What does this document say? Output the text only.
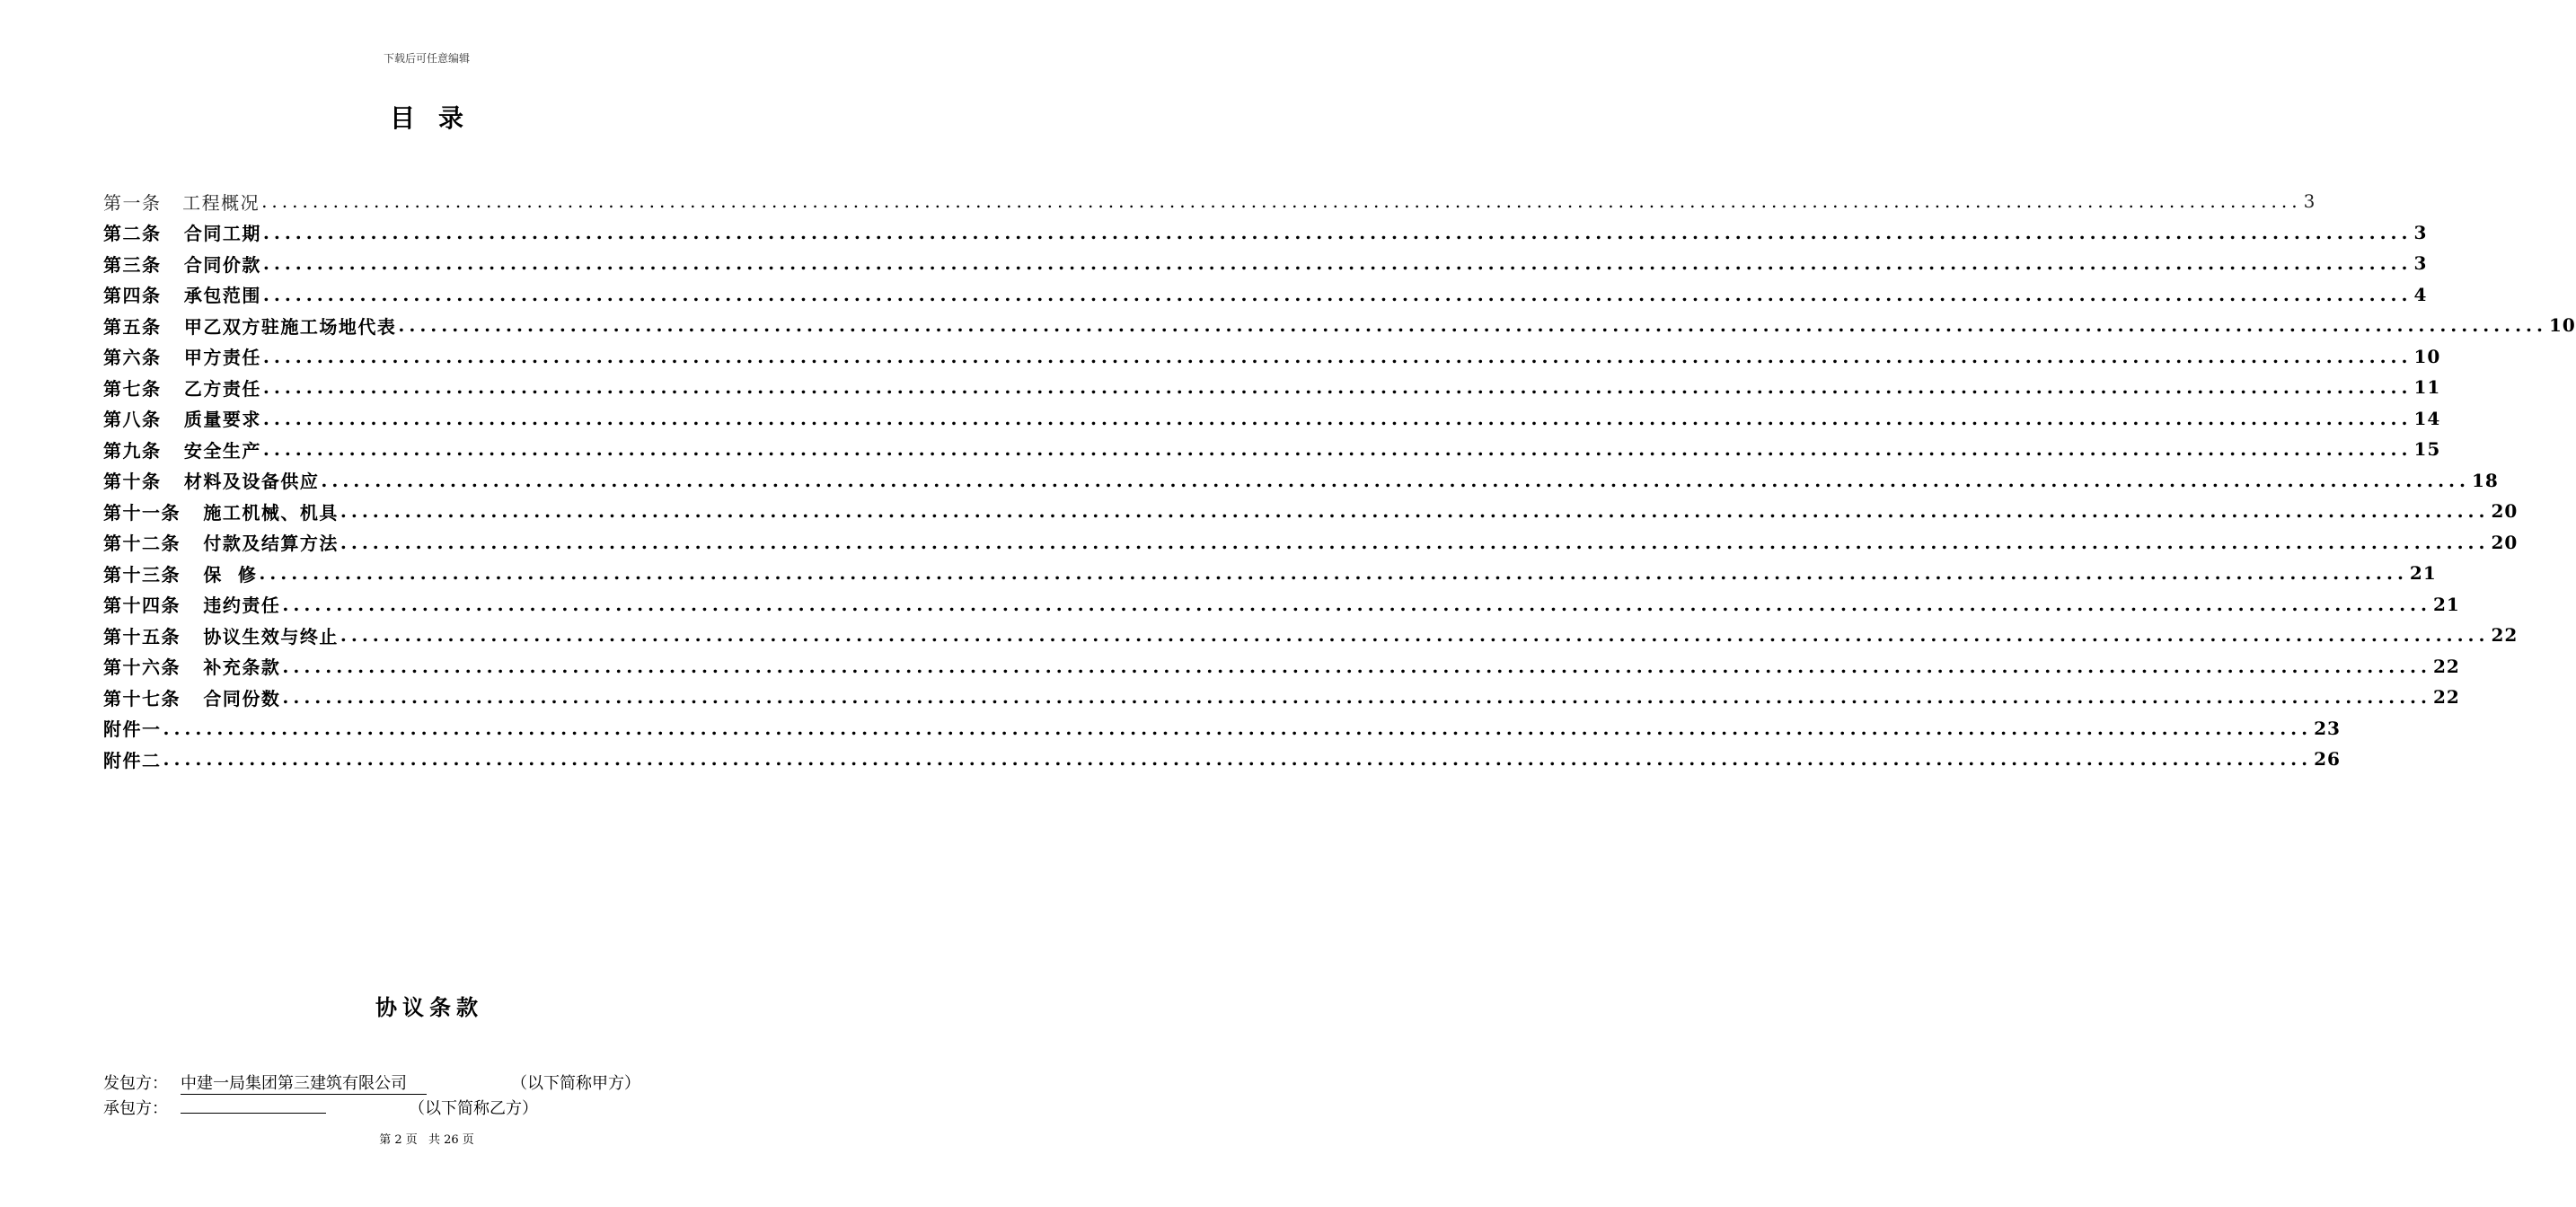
下载后可任意编辑
目录
第一条   工程概况 ........................................................................................................................................................................................................ 3
第二条   合同工期 ........................................................................................................................................................................................................ 3
第三条   合同价款 ........................................................................................................................................................................................................ 3
第四条   承包范围 ........................................................................................................................................................................................................ 4
第五条   甲乙双方驻施工场地代表 ........................................................................................................................................................................................................ 10
第六条   甲方责任 ........................................................................................................................................................................................................ 10
第七条   乙方责任 ........................................................................................................................................................................................................ 11
第八条   质量要求 ........................................................................................................................................................................................................ 14
第九条   安全生产 ........................................................................................................................................................................................................ 15
第十条   材料及设备供应 ........................................................................................................................................................................................................ 18
第十一条   施工机械、机具 ........................................................................................................................................................................................................ 20
第十二条   付款及结算方法 ........................................................................................................................................................................................................ 20
第十三条   保  修 ........................................................................................................................................................................................................ 21
第十四条   违约责任 ........................................................................................................................................................................................................ 21
第十五条   协议生效与终止 ........................................................................................................................................................................................................ 22
第十六条   补充条款 ........................................................................................................................................................................................................ 22
第十七条   合同份数 ........................................................................................................................................................................................................ 22
附件一 ........................................................................................................................................................................................................ 23
附件二 ........................................................................................................................................................................................................ 26
协议条款
发包方： 中建一局集团第三建筑有限公司	（以下简称甲方）
承包方：	（以下简称乙方）
第 2 页 共 26 页
